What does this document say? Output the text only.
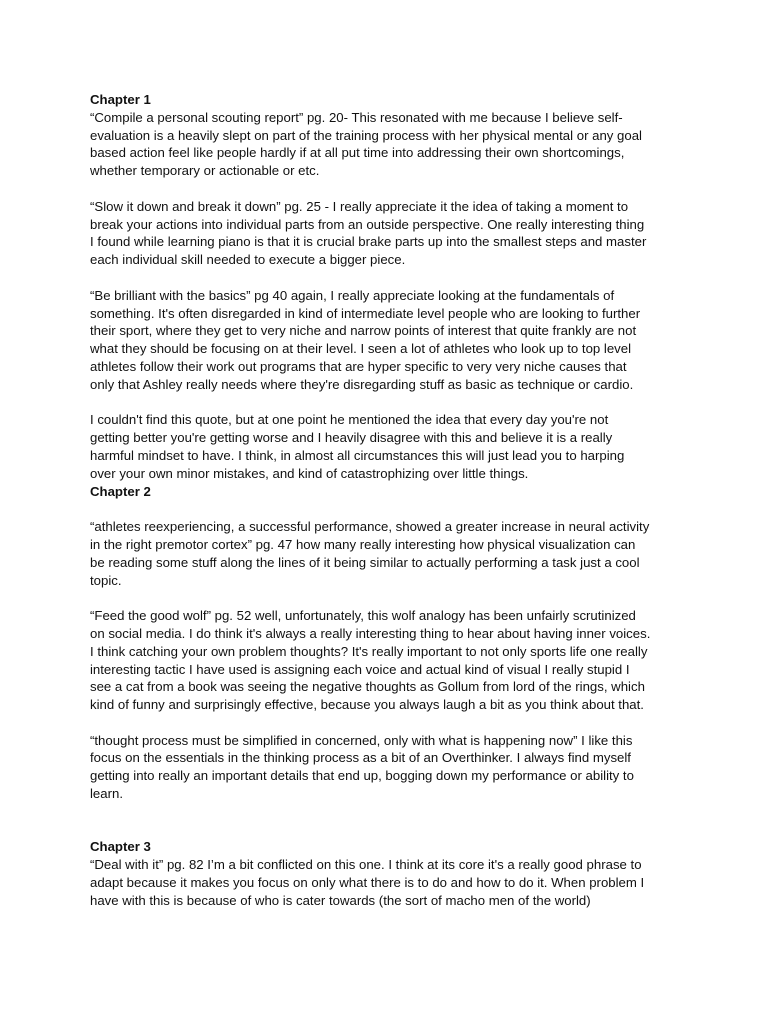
Chapter 1

“Compile a personal scouting report” pg. 20- This resonated with me because I believe self-
evaluation is a heavily slept on part of the training process with her physical mental or any goal
based action feel like people hardly if at all put time into addressing their own shortcomings,
whether temporary or actionable or etc.

“Slow it down and break it down” pg. 25 - I really appreciate it the idea of taking a moment to
break your actions into individual parts from an outside perspective. One really interesting thing
I found while learning piano is that it is crucial brake parts up into the smallest steps and master
each individual skill needed to execute a bigger piece.

“Be brilliant with the basics” pg 40 again, I really appreciate looking at the fundamentals of
something. It's often disregarded in kind of intermediate level people who are looking to further
their sport, where they get to very niche and narrow points of interest that quite frankly are not
what they should be focusing on at their level. I seen a lot of athletes who look up to top level
athletes follow their work out programs that are hyper specific to very very niche causes that
only that Ashley really needs where they're disregarding stuff as basic as technique or cardio.

I couldn't find this quote, but at one point he mentioned the idea that every day you're not
getting better you're getting worse and I heavily disagree with this and believe it is a really
harmful mindset to have. I think, in almost all circumstances this will just lead you to harping
over your own minor mistakes, and kind of catastrophizing over little things.

Chapter 2

“athletes reexperiencing, a successful performance, showed a greater increase in neural activity
in the right premotor cortex” pg. 47 how many really interesting how physical visualization can
be reading some stuff along the lines of it being similar to actually performing a task just a cool
topic.

“Feed the good wolf” pg. 52 well, unfortunately, this wolf analogy has been unfairly scrutinized
on social media. I do think it's always a really interesting thing to hear about having inner voices.
I think catching your own problem thoughts? It's really important to not only sports life one really
interesting tactic I have used is assigning each voice and actual kind of visual I really stupid I
see a cat from a book was seeing the negative thoughts as Gollum from lord of the rings, which
kind of funny and surprisingly effective, because you always laugh a bit as you think about that.

“thought process must be simplified in concerned, only with what is happening now” I like this
focus on the essentials in the thinking process as a bit of an Overthinker. I always find myself
getting into really an important details that end up, bogging down my performance or ability to
learn.

Chapter 3

“Deal with it” pg. 82 I’m a bit conflicted on this one. I think at its core it's a really good phrase to
adapt because it makes you focus on only what there is to do and how to do it. When problem I
have with this is because of who is cater towards (the sort of macho men of the world)
